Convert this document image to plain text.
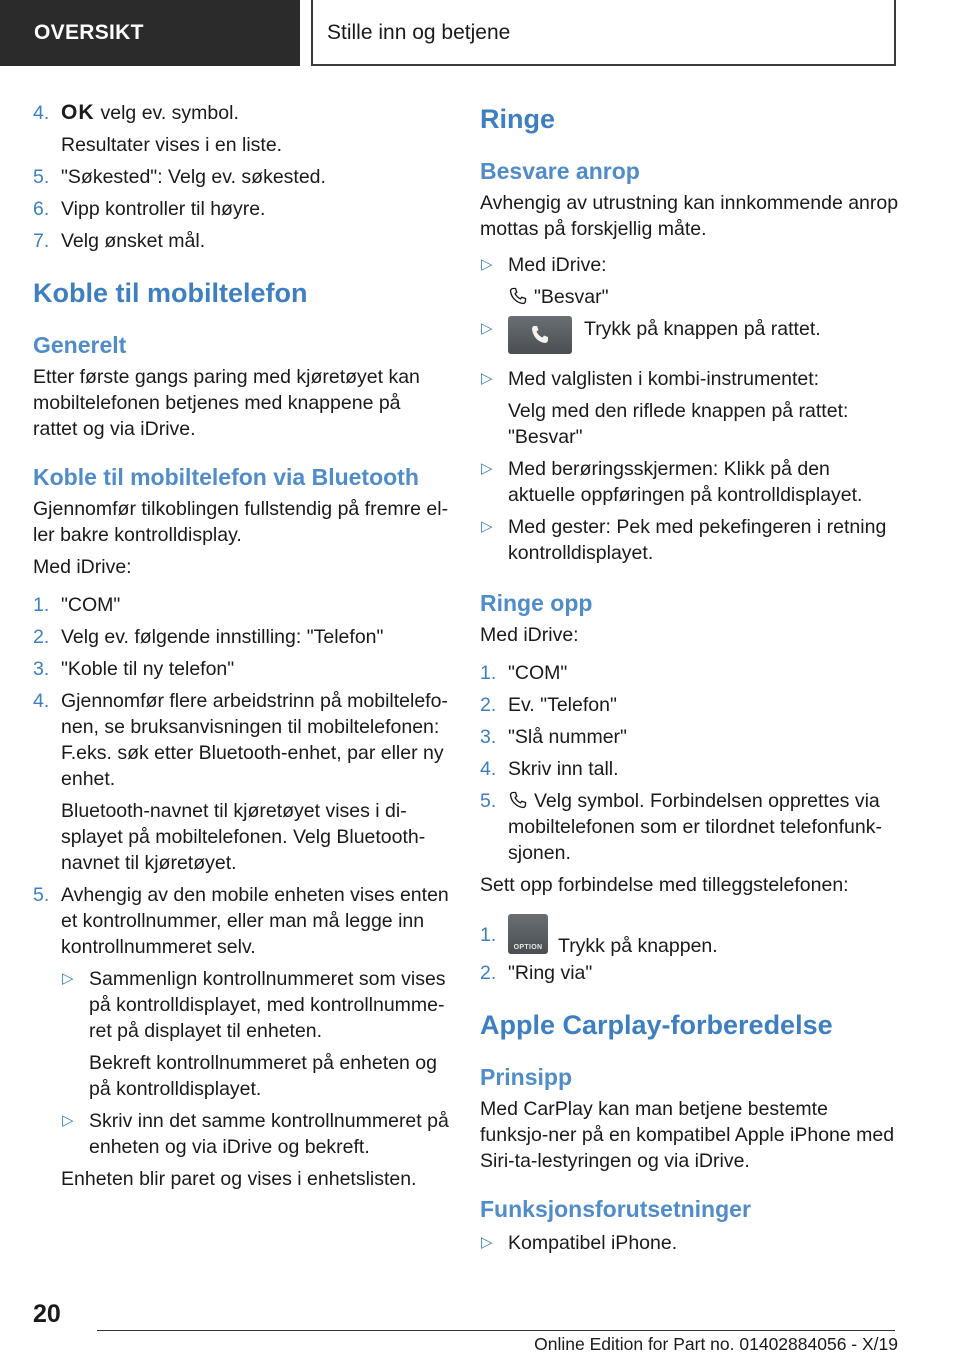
OVERSIKT	Stille inn og betjene
4. OK velg ev. symbol.

Resultater vises i en liste.

5. "Søkested": Velg ev. søkested.
6. Vipp kontroller til høyre.
7. Velg ønsket mål.
Koble til mobiltelefon
Generelt

Etter første gangs paring med kjøretøyet kan mobiltelefonen betjenes med knappene på rattet og via iDrive.

Koble til mobiltelefon via Bluetooth

Gjennomfør tilkoblingen fullstendig på fremre el-ler bakre kontrolldisplay.

Med iDrive:

1. "COM"
2. Velg ev. følgende innstilling: "Telefon"
3. "Koble til ny telefon"
4. Gjennomfør flere arbeidstrinn på mobiltelefo-nen, se bruksanvisningen til mobiltelefonen: F.eks. søk etter Bluetooth-enhet, par eller ny enhet.

Bluetooth-navnet til kjøretøyet vises i di-splayet på mobiltelefonen. Velg Bluetooth-navnet til kjøretøyet.

5. Avhengig av den mobile enheten vises enten et kontrollnummer, eller man må legge inn kontrollnummeret selv.
▷ Sammenlign kontrollnummeret som vises på kontrolldisplayet, med kontrollnumme-ret på displayet til enheten.

Bekreft kontrollnummeret på enheten og på kontrolldisplayet.

▷ Skriv inn det samme kontrollnummeret på enheten og via iDrive og bekreft.

Enheten blir paret og vises i enhetslisten.

Ringe
Besvare anrop

Avhengig av utrustning kan innkommende anrop mottas på forskjellig måte.

▷ Med iDrive:

"Besvar"

▷	Trykk på knappen på rattet.
▷ Med valglisten i kombi-instrumentet:

Velg med den riflede knappen på rattet: "Besvar"

▷ Med berøringsskjermen: Klikk på den aktuelle oppføringen på kontrolldisplayet.
▷ Med gester: Pek med pekefingeren i retning kontrolldisplayet.
Ringe opp

Med iDrive:

1. "COM"
2. Ev. "Telefon"
3. "Slå nummer"
4. Skriv inn tall.
5. Velg symbol. Forbindelsen opprettes via mobiltelefonen som er tilordnet telefonfunk-sjonen.

Sett opp forbindelse med tilleggstelefonen:

1.
OPTION Trykk på knappen.
2. "Ring via"
Apple Carplay-forberedelse
Prinsipp

Med CarPlay kan man betjene bestemte funksjo-ner på en kompatibel Apple iPhone med Siri-ta-lestyringen og via iDrive.

Funksjonsforutsetninger
▷ Kompatibel iPhone.
20
Online Edition for Part no. 01402884056 - X/19
